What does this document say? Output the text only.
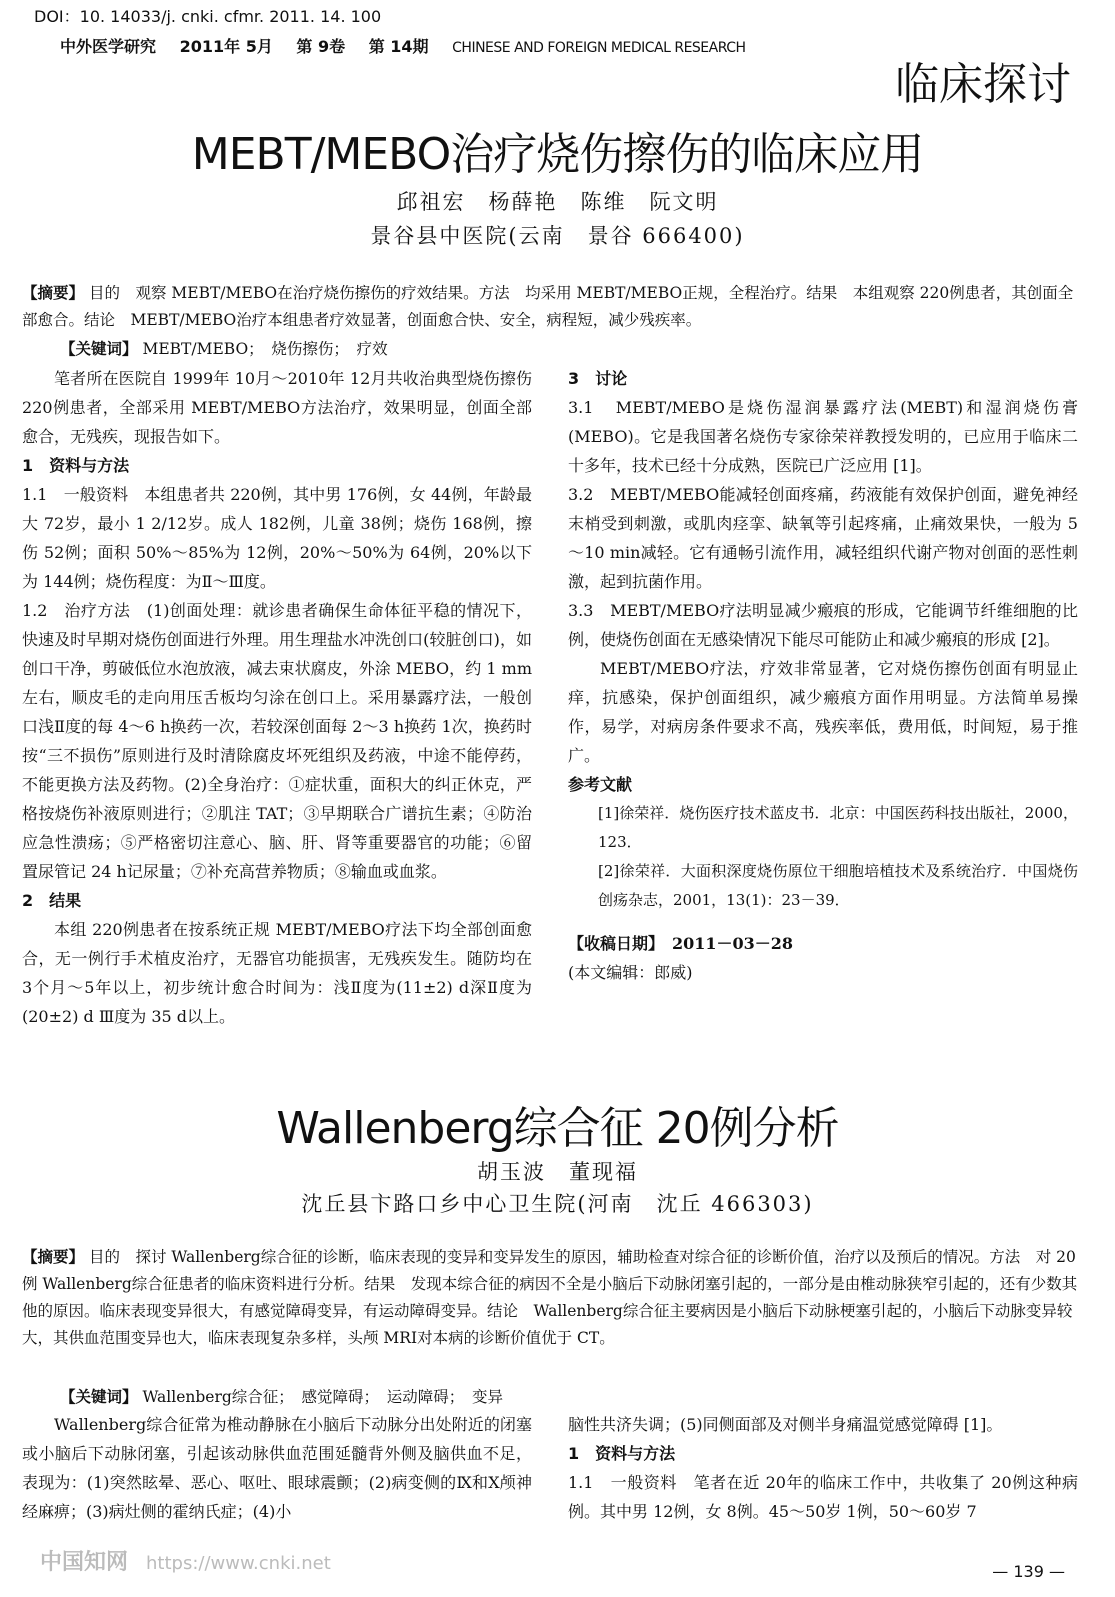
DOI：10. 14033/j. cnki. cfmr. 2011. 14. 100
中外医学研究 2011年 5月 第 9卷 第 14期 CHINESE AND FOREIGN MEDICAL RESEARCH
临床探讨
MEBT/MEBO治疗烧伤擦伤的临床应用
邱祖宏　杨薛艳　陈维　阮文明
景谷县中医院(云南　景谷 666400)
【摘要】 目的　观察 MEBT/MEBO在治疗烧伤擦伤的疗效结果。方法　均采用 MEBT/MEBO正规，全程治疗。结果　本组观察 220例患者，其创面全部愈合。结论　MEBT/MEBO治疗本组患者疗效显著，创面愈合快、安全，病程短，减少残疾率。
【关键词】 MEBT/MEBO；　烧伤擦伤；　疗效

笔者所在医院自 1999年 10月～2010年 12月共收治典型烧伤擦伤 220例患者，全部采用 MEBT/MEBO方法治疗，效果明显，创面全部愈合，无残疾，现报告如下。

1　资料与方法

1.1　一般资料　本组患者共 220例，其中男 176例，女 44例，年龄最大 72岁，最小 1 2/12岁。成人 182例，儿童 38例；烧伤 168例，擦伤 52例；面积 50%～85%为 12例，20%～50%为 64例，20%以下为 144例；烧伤程度：为Ⅱ～Ⅲ度。

1.2　治疗方法　(1)创面处理：就诊患者确保生命体征平稳的情况下，快速及时早期对烧伤创面进行外理。用生理盐水冲洗创口(较脏创口)，如创口干净，剪破低位水泡放液，减去束状腐皮，外涂 MEBO，约 1 mm左右，顺皮毛的走向用压舌板均匀涂在创口上。采用暴露疗法，一般创口浅Ⅱ度的每 4～6 h换药一次，若较深创面每 2～3 h换药 1次，换药时按“三不损伤”原则进行及时清除腐皮坏死组织及药液，中途不能停药，不能更换方法及药物。(2)全身治疗：①症状重，面积大的纠正休克，严格按烧伤补液原则进行；②肌注 TAT；③早期联合广谱抗生素；④防治应急性溃疡；⑤严格密切注意心、脑、肝、肾等重要器官的功能；⑥留置尿管记 24 h记尿量；⑦补充高营养物质；⑧输血或血浆。

2　结果

本组 220例患者在按系统正规 MEBT/MEBO疗法下均全部创面愈合，无一例行手术植皮治疗，无器官功能损害，无残疾发生。随防均在 3个月～5年以上，初步统计愈合时间为：浅Ⅱ度为(11±2) d深Ⅱ度为(20±2) d Ⅲ度为 35 d以上。

3　讨论

3.1　MEBT/MEBO是烧伤湿润暴露疗法(MEBT)和湿润烧伤膏(MEBO)。它是我国著名烧伤专家徐荣祥教授发明的，已应用于临床二十多年，技术已经十分成熟，医院已广泛应用 [1]。

3.2　MEBT/MEBO能减轻创面疼痛，药液能有效保护创面，避免神经末梢受到刺激，或肌肉痉挛、缺氧等引起疼痛，止痛效果快，一般为 5～10 min减轻。它有通畅引流作用，减轻组织代谢产物对创面的恶性刺激，起到抗菌作用。

3.3　MEBT/MEBO疗法明显减少瘢痕的形成，它能调节纤维细胞的比例，使烧伤创面在无感染情况下能尽可能防止和减少瘢痕的形成 [2]。

MEBT/MEBO疗法，疗效非常显著，它对烧伤擦伤创面有明显止痒，抗感染，保护创面组织，减少瘢痕方面作用明显。方法简单易操作，易学，对病房条件要求不高，残疾率低，费用低，时间短，易于推广。

参考文献

[1]徐荣祥．烧伤医疗技术蓝皮书．北京：中国医药科技出版社，2000，123．

[2]徐荣祥．大面积深度烧伤原位干细胞培植技术及系统治疗．中国烧伤创疡杂志，2001，13(1)：23－39．

【收稿日期】　2011－03－28

(本文编辑：郎威)

Wallenberg综合征 20例分析
胡玉波　董现福
沈丘县卞路口乡中心卫生院(河南　沈丘 466303)
【摘要】 目的　探讨 Wallenberg综合征的诊断，临床表现的变异和变异发生的原因，辅助检查对综合征的诊断价值，治疗以及预后的情况。方法　对 20例 Wallenberg综合征患者的临床资料进行分析。结果　发现本综合征的病因不全是小脑后下动脉闭塞引起的，一部分是由椎动脉狭窄引起的，还有少数其他的原因。临床表现变异很大，有感觉障碍变异，有运动障碍变异。结论　Wallenberg综合征主要病因是小脑后下动脉梗塞引起的，小脑后下动脉变异较大，其供血范围变异也大，临床表现复杂多样，头颅 MRI对本病的诊断价值优于 CT。
【关键词】 Wallenberg综合征；　感觉障碍；　运动障碍；　变异

Wallenberg综合征常为椎动静脉在小脑后下动脉分出处附近的闭塞或小脑后下动脉闭塞，引起该动脉供血范围延髓背外侧及脑供血不足，表现为：(1)突然眩晕、恶心、呕吐、眼球震颤；(2)病变侧的Ⅸ和Ⅹ颅神经麻痹；(3)病灶侧的霍纳氏症；(4)小

脑性共济失调；(5)同侧面部及对侧半身痛温觉感觉障碍 [1]。

1　资料与方法

1.1　一般资料　笔者在近 20年的临床工作中，共收集了 20例这种病例。其中男 12例，女 8例。45～50岁 1例，50～60岁 7

中国知网 https://www.cnki.net	— 139 —
